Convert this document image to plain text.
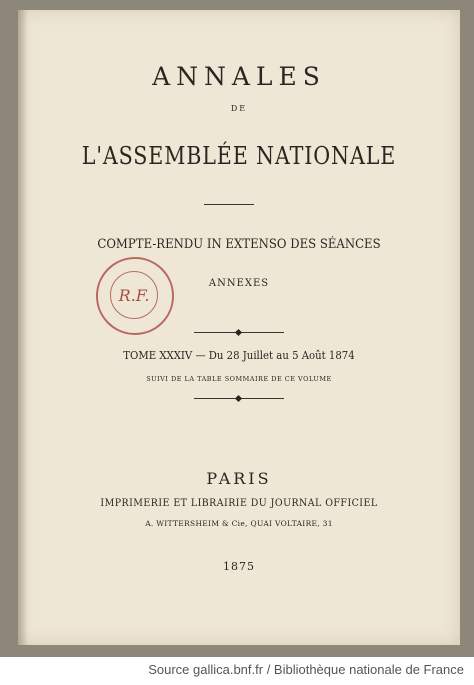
ANNALES
DE
L'ASSEMBLÉE NATIONALE
COMPTE-RENDU IN EXTENSO DES SÉANCES
ANNEXES
TOME XXXIV — Du 28 Juillet au 5 Août 1874
SUIVI DE LA TABLE SOMMAIRE DE CE VOLUME
PARIS
IMPRIMERIE ET LIBRAIRIE DU JOURNAL OFFICIEL
A. WITTERSHEIM & Cie, QUAI VOLTAIRE, 31
1875
R.F.
Source gallica.bnf.fr / Bibliothèque nationale de France
